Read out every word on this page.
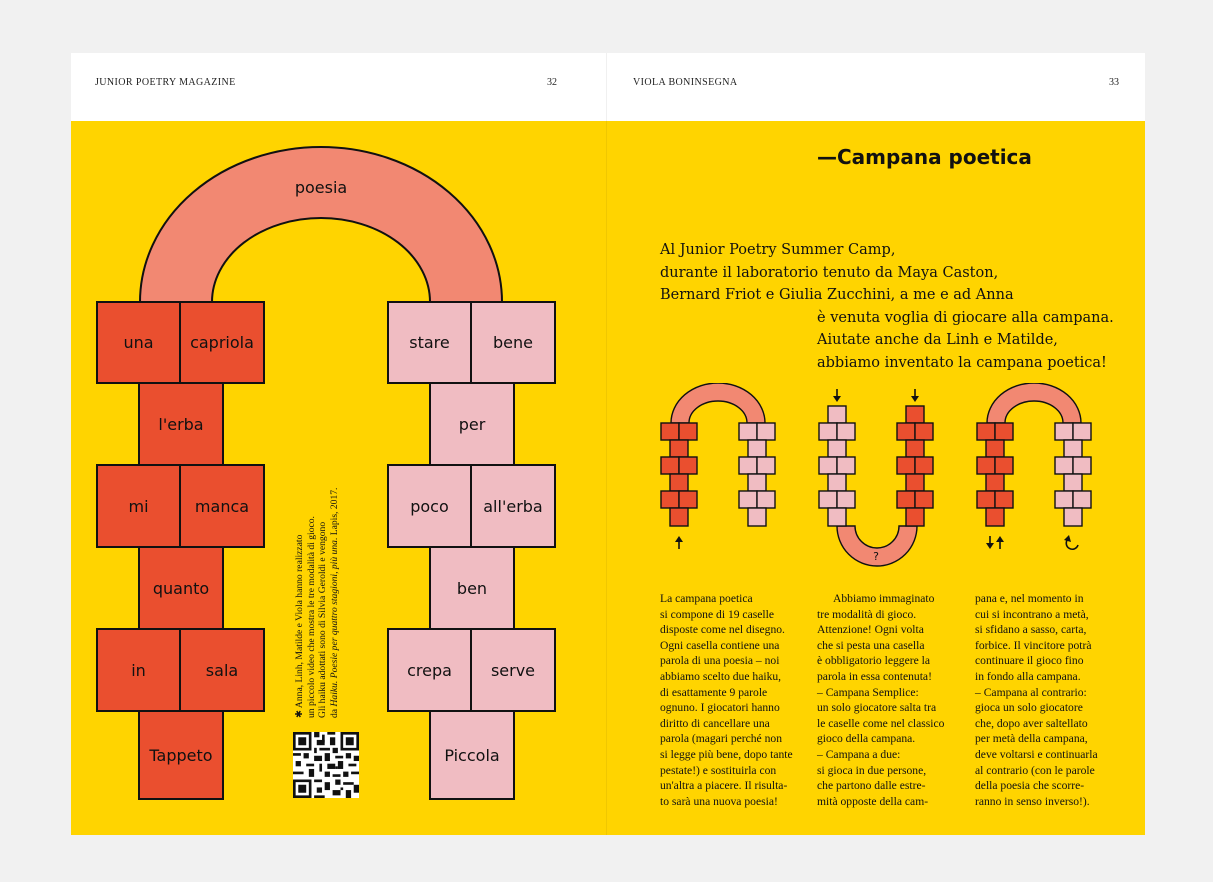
JUNIOR POETRY MAGAZINE	32
poesia
una	capriola
l'erba
mi	manca
quanto
in	sala
Tappeto
stare	bene
per
poco	all'erba
ben
crepa	serve
Piccola
✱ Anna, Linh, Matilde e Viola hanno realizzato un piccolo video che mostra le tre modalità di gioco. Gli haiku adottati sono di Silvia Geroldi e vengono da Haiku. Poesie per quattro stagioni, più una. Lapis, 2017.
VIOLA BONINSEGNA	33
—Campana poetica
Al Junior Poetry Summer Camp,
durante il laboratorio tenuto da Maya Caston,
Bernard Friot e Giulia Zucchini, a me e ad Anna
è venuta voglia di giocare alla campana.
Aiutate anche da Linh e Matilde,
abbiamo inventato la campana poetica!
?
La campana poetica
si compone di 19 caselle
disposte come nel disegno.
Ogni casella contiene una
parola di una poesia – noi
abbiamo scelto due haiku,
di esattamente 9 parole
ognuno. I giocatori hanno
diritto di cancellare una
parola (magari perché non
si legge più bene, dopo tante
pestate!) e sostituirla con
un'altra a piacere. Il risulta-
to sarà una nuova poesia!
Abbiamo immaginato
tre modalità di gioco.
Attenzione! Ogni volta
che si pesta una casella
è obbligatorio leggere la
parola in essa contenuta!
– Campana Semplice:
un solo giocatore salta tra
le caselle come nel classico
gioco della campana.
– Campana a due:
si gioca in due persone,
che partono dalle estre-
mità opposte della cam-
pana e, nel momento in
cui si incontrano a metà,
si sfidano a sasso, carta,
forbice. Il vincitore potrà
continuare il gioco fino
in fondo alla campana.
– Campana al contrario:
gioca un solo giocatore
che, dopo aver saltellato
per metà della campana,
deve voltarsi e continuarla
al contrario (con le parole
della poesia che scorre-
ranno in senso inverso!).
